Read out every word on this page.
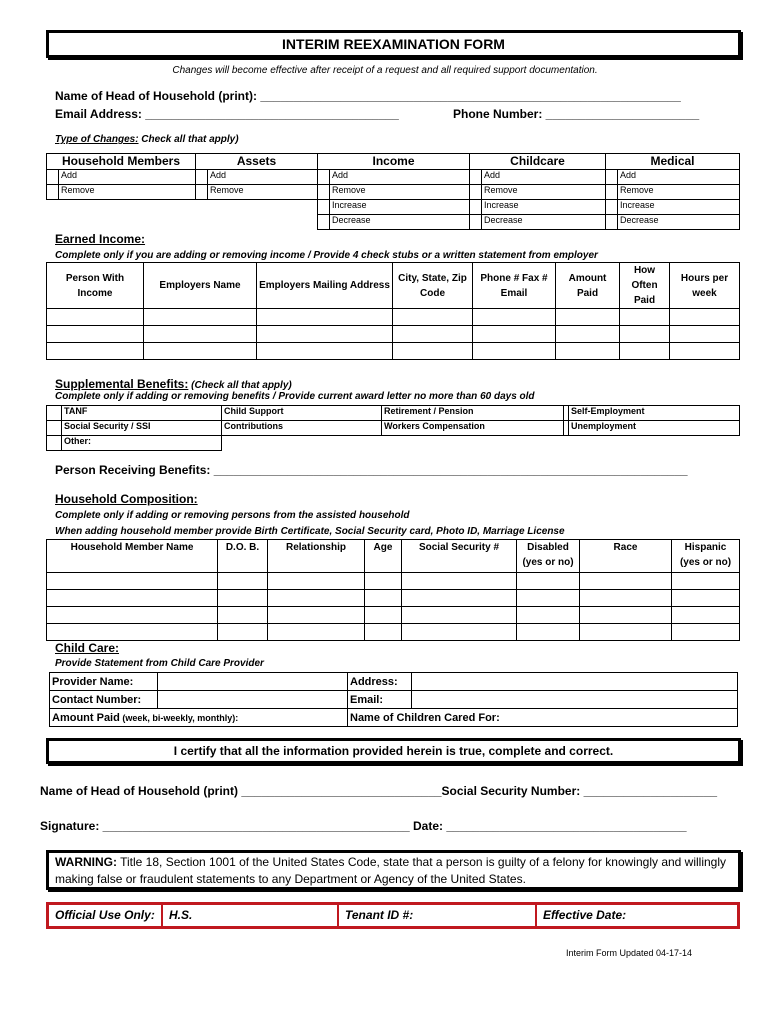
INTERIM REEXAMINATION FORM
Changes will become effective after receipt of a request and all required support documentation.
Name of Head of Household (print): _______________________________________________________________
Email Address: ______________________________________	Phone Number: _______________________
Type of Changes: Check all that apply)
Household Members		Assets		Income		Childcare		Medical	
	Add		Add		Add		Add		Add
	Remove		Remove		Remove		Remove		Remove
					Increase		Increase		Increase
					Decrease		Decrease		Decrease
Earned Income:
Complete only if you are adding or removing income / Provide 4 check stubs or a written statement from employer
Person With Income	Employers Name	Employers Mailing Address	City, State, Zip Code	Phone # Fax # Email	Amount Paid	How Often Paid	Hours per week

Supplemental Benefits: (Check all that apply)
Complete only if adding or removing benefits / Provide current award letter no more than 60 days old
	TANF	Child Support	Retirement / Pension		Self-Employment
	Social Security / SSI	Contributions	Workers Compensation		Unemployment
	Other:				
Person Receiving Benefits: _______________________________________________________________________
Household Composition:
Complete only if adding or removing persons from the assisted household
When adding household member provide Birth Certificate, Social Security card, Photo ID, Marriage License
Household Member Name	D.O. B.	Relationship	Age	Social Security #	Disabled (yes or no)	Race	Hispanic (yes or no)

Child Care:
Provide Statement from Child Care Provider
Provider Name:		Address:	
Contact Number:		Email:	
Amount Paid (week, bi-weekly, monthly):		Name of Children Cared For:	
I certify that all the information provided herein is true, complete and correct.
Name of Head of Household (print) ______________________________Social Security Number: ____________________
Signature: ______________________________________________ Date: ____________________________________
WARNING: Title 18, Section 1001 of the United States Code, state that a person is guilty of a felony for knowingly and willingly making false or fraudulent statements to any Department or Agency of the United States.
Official Use Only:	H.S.	Tenant ID #:	Effective Date:
Interim Form Updated 04-17-14
